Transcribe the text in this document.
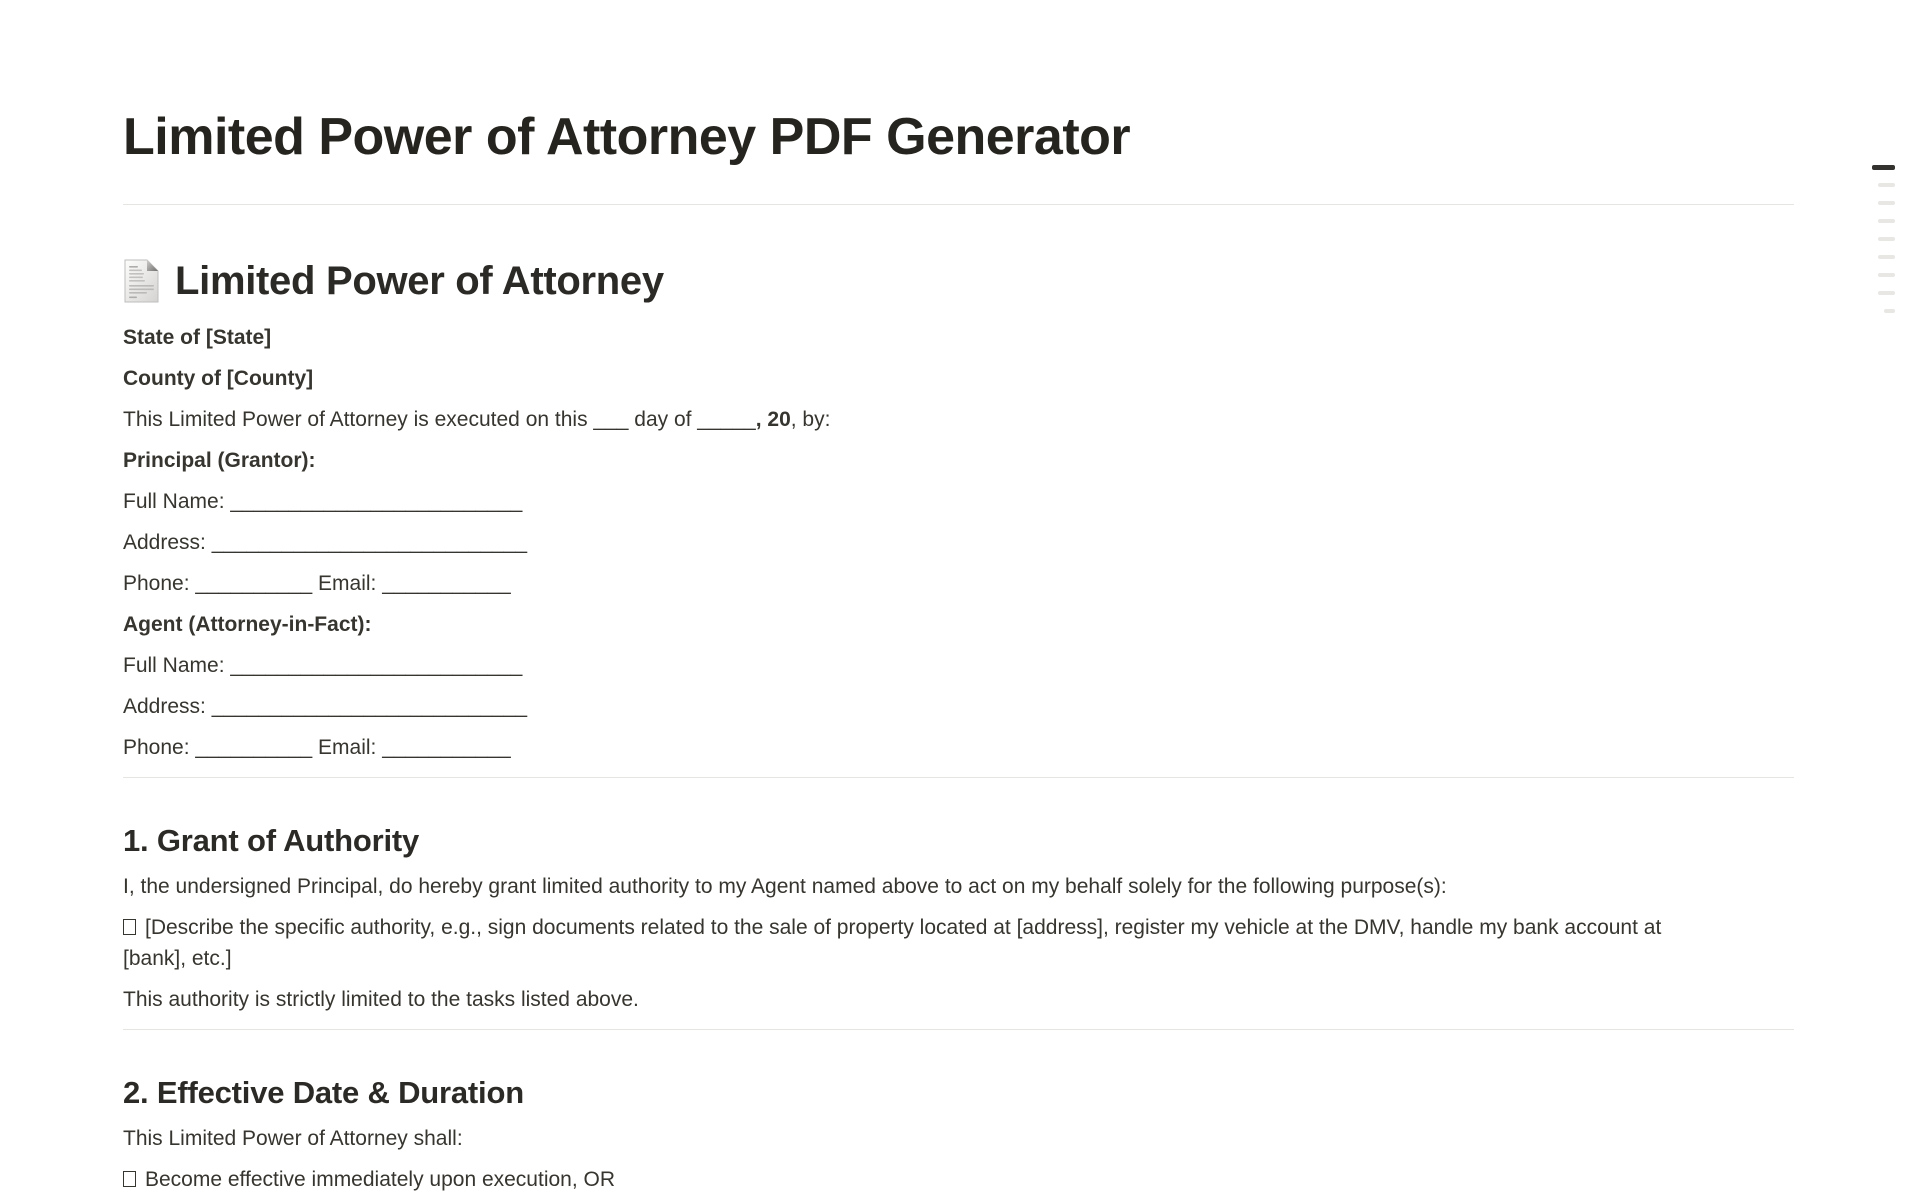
Limited Power of Attorney PDF Generator
Limited Power of Attorney

State of [State]

County of [County]

This Limited Power of Attorney is executed on this ___ day of _____, 20, by:

Principal (Grantor):

Full Name: _________________________

Address: ___________________________

Phone: __________ Email: ___________

Agent (Attorney-in-Fact):

Full Name: _________________________

Address: ___________________________

Phone: __________ Email: ___________

1. Grant of Authority

I, the undersigned Principal, do hereby grant limited authority to my Agent named above to act on my behalf solely for the following purpose(s):

[Describe the specific authority, e.g., sign documents related to the sale of property located at [address], register my vehicle at the DMV, handle my bank account at
[bank], etc.]

This authority is strictly limited to the tasks listed above.

2. Effective Date & Duration

This Limited Power of Attorney shall:

Become effective immediately upon execution, OR
